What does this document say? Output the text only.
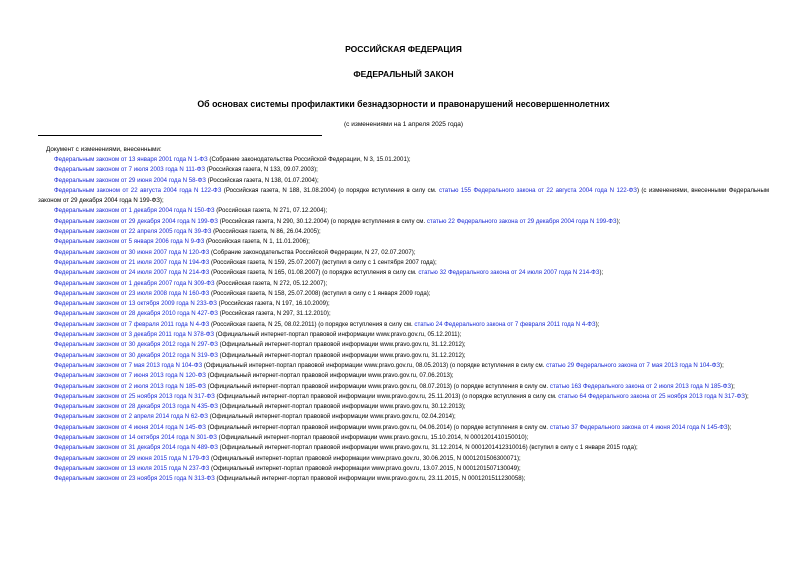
РОССИЙСКАЯ ФЕДЕРАЦИЯ
ФЕДЕРАЛЬНЫЙ ЗАКОН
Об основах системы профилактики безнадзорности и правонарушений несовершеннолетних
(с изменениями на 1 апреля 2025 года)
Документ с изменениями, внесенными:
Федеральным законом от 13 января 2001 года N 1-ФЗ (Собрание законодательства Российской Федерации, N 3, 15.01.2001);
Федеральным законом от 7 июля 2003 года N 111-ФЗ (Российская газета, N 133, 09.07.2003);
Федеральным законом от 29 июня 2004 года N 58-ФЗ (Российская газета, N 138, 01.07.2004);
Федеральным законом от 22 августа 2004 года N 122-ФЗ (Российская газета, N 188, 31.08.2004) (о порядке вступления в силу см. статью 155 Федерального закона от 22 августа 2004 года N 122-ФЗ) (с изменениями, внесенными Федеральным законом от 29 декабря 2004 года N 199-ФЗ);
Федеральным законом от 1 декабря 2004 года N 150-ФЗ (Российская газета, N 271, 07.12.2004);
Федеральным законом от 29 декабря 2004 года N 199-ФЗ (Российская газета, N 290, 30.12.2004) (о порядке вступления в силу см. статью 22 Федерального закона от 29 декабря 2004 года N 199-ФЗ);
Федеральным законом от 22 апреля 2005 года N 39-ФЗ (Российская газета, N 86, 26.04.2005);
Федеральным законом от 5 января 2006 года N 9-ФЗ (Российская газета, N 1, 11.01.2006);
Федеральным законом от 30 июня 2007 года N 120-ФЗ (Собрание законодательства Российской Федерации, N 27, 02.07.2007);
Федеральным законом от 21 июля 2007 года N 194-ФЗ (Российская газета, N 159, 25.07.2007) (вступил в силу с 1 сентября 2007 года);
Федеральным законом от 24 июля 2007 года N 214-ФЗ (Российская газета, N 165, 01.08.2007) (о порядке вступления в силу см. статью 32 Федерального закона от 24 июля 2007 года N 214-ФЗ);
Федеральным законом от 1 декабря 2007 года N 309-ФЗ (Российская газета, N 272, 05.12.2007);
Федеральным законом от 23 июля 2008 года N 160-ФЗ (Российская газета, N 158, 25.07.2008) (вступил в силу с 1 января 2009 года);
Федеральным законом от 13 октября 2009 года N 233-ФЗ (Российская газета, N 197, 16.10.2009);
Федеральным законом от 28 декабря 2010 года N 427-ФЗ (Российская газета, N 297, 31.12.2010);
Федеральным законом от 7 февраля 2011 года N 4-ФЗ (Российская газета, N 25, 08.02.2011) (о порядке вступления в силу см. статью 24 Федерального закона от 7 февраля 2011 года N 4-ФЗ);
Федеральным законом от 3 декабря 2011 года N 378-ФЗ (Официальный интернет-портал правовой информации www.pravo.gov.ru, 05.12.2011);
Федеральным законом от 30 декабря 2012 года N 297-ФЗ (Официальный интернет-портал правовой информации www.pravo.gov.ru, 31.12.2012);
Федеральным законом от 30 декабря 2012 года N 319-ФЗ (Официальный интернет-портал правовой информации www.pravo.gov.ru, 31.12.2012);
Федеральным законом от 7 мая 2013 года N 104-ФЗ (Официальный интернет-портал правовой информации www.pravo.gov.ru, 08.05.2013) (о порядке вступления в силу см. статью 29 Федерального закона от 7 мая 2013 года N 104-ФЗ);
Федеральным законом от 7 июня 2013 года N 120-ФЗ (Официальный интернет-портал правовой информации www.pravo.gov.ru, 07.06.2013);
Федеральным законом от 2 июля 2013 года N 185-ФЗ (Официальный интернет-портал правовой информации www.pravo.gov.ru, 08.07.2013) (о порядке вступления в силу см. статью 163 Федерального закона от 2 июля 2013 года N 185-ФЗ);
Федеральным законом от 25 ноября 2013 года N 317-ФЗ (Официальный интернет-портал правовой информации www.pravo.gov.ru, 25.11.2013) (о порядке вступления в силу см. статью 64 Федерального закона от 25 ноября 2013 года N 317-ФЗ);
Федеральным законом от 28 декабря 2013 года N 435-ФЗ (Официальный интернет-портал правовой информации www.pravo.gov.ru, 30.12.2013);
Федеральным законом от 2 апреля 2014 года N 62-ФЗ (Официальный интернет-портал правовой информации www.pravo.gov.ru, 02.04.2014);
Федеральным законом от 4 июня 2014 года N 145-ФЗ (Официальный интернет-портал правовой информации www.pravo.gov.ru, 04.06.2014) (о порядке вступления в силу см. статью 37 Федерального закона от 4 июня 2014 года N 145-ФЗ);
Федеральным законом от 14 октября 2014 года N 301-ФЗ (Официальный интернет-портал правовой информации www.pravo.gov.ru, 15.10.2014, N 0001201410150010);
Федеральным законом от 31 декабря 2014 года N 489-ФЗ (Официальный интернет-портал правовой информации www.pravo.gov.ru, 31.12.2014, N 0001201412310016) (вступил в силу с 1 января 2015 года);
Федеральным законом от 29 июня 2015 года N 179-ФЗ (Официальный интернет-портал правовой информации www.pravo.gov.ru, 30.06.2015, N 0001201506300071);
Федеральным законом от 13 июля 2015 года N 237-ФЗ (Официальный интернет-портал правовой информации www.pravo.gov.ru, 13.07.2015, N 0001201507130049);
Федеральным законом от 23 ноября 2015 года N 313-ФЗ (Официальный интернет-портал правовой информации www.pravo.gov.ru, 23.11.2015, N 0001201511230058);
